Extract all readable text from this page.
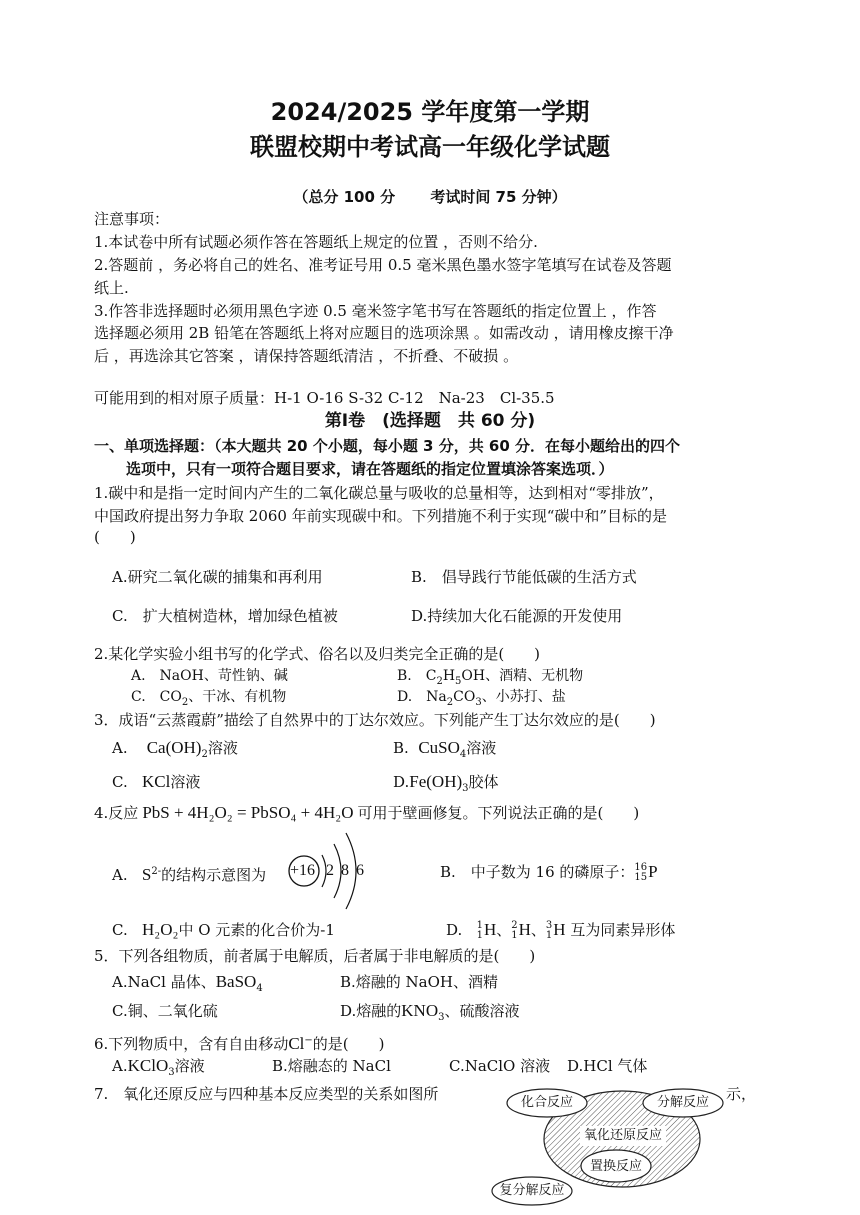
2024/2025 学年度第一学期
联盟校期中考试高一年级化学试题
（总分 100 分　　 考试时间 75 分钟）
注意事项：
1.本试卷中所有试题必须作答在答题纸上规定的位置 ，否则不给分.
2.答题前 ，务必将自己的姓名、准考证号用 0.5 毫米黑色墨水签字笔填写在试卷及答题
纸上.
3.作答非选择题时必须用黑色字迹 0.5 毫米签字笔书写在答题纸的指定位置上 ，作答
选择题必须用 2B 铅笔在答题纸上将对应题目的选项涂黑 。如需改动 ，请用橡皮擦干净
后 ，再选涂其它答案 ，请保持答题纸清洁 ，不折叠、不破损 。
可能用到的相对原子质量：H-1 O-16 S-32 C-12　Na-23　Cl-35.5
第Ⅰ卷　(选择题　共 60 分)
一、单项选择题：（本大题共 20 个小题，每小题 3 分，共 60 分．在每小题给出的四个
选项中，只有一项符合题目要求，请在答题纸的指定位置填涂答案选项．）
1.碳中和是指一定时间内产生的二氧化碳总量与吸收的总量相等，达到相对“零排放”，
中国政府提出努力争取 2060 年前实现碳中和。下列措施不利于实现“碳中和”目标的是
(　　)
A.研究二氧化碳的捕集和再利用	B.　倡导践行节能低碳的生活方式
C.　扩大植树造林，增加绿色植被	D.持续加大化石能源的开发使用
2.某化学实验小组书写的化学式、俗名以及归类完全正确的是(　　)
A.　NaOH、苛性钠、碱	B.　$C_2H_5OH$、酒精、无机物
C.　$CO_2$、干冰、有机物	D.　$Na_2CO_3$、小苏打、盐
3．成语“云蒸霞蔚”描绘了自然界中的丁达尔效应。下列能产生丁达尔效应的是(　　)
A. $Ca(OH)_2$溶液	B. CuSO$_4$溶液
C. KCl溶液	$D.Fe(OH)_3$胶体
4.反应 PbS + 4H₂O₂ = PbSO₄ + 4H₂O 可用于壁画修复。下列说法正确的是(　　)
A. $S^{2-}$的结构示意图为 +16 2 8 6	B.　中子数为 16 的磷原子： 16
15 P
C. H₂O₂中 O 元素的化合价为-1	D. 1
1 H、 2
1 H、 3
1 H 互为同素异形体
5．下列各组物质，前者属于电解质，后者属于非电解质的是(　　)
A.NaCl 晶体、BaSO$_4$	B.熔融的 NaOH、酒精
C.铜、二氧化硫	D.熔融的$KNO_3$、硫酸溶液
6.下列物质中，含有自由移动Cl−的是(　　)
A.KClO$_3$溶液	B.熔融态的 NaCl	C.NaClO 溶液 D.HCl 气体
7.　氧化还原反应与四种基本反应类型的关系如图所	示，
化合反应	分解反应
氧化还原反应
置换反应
复分解反应
